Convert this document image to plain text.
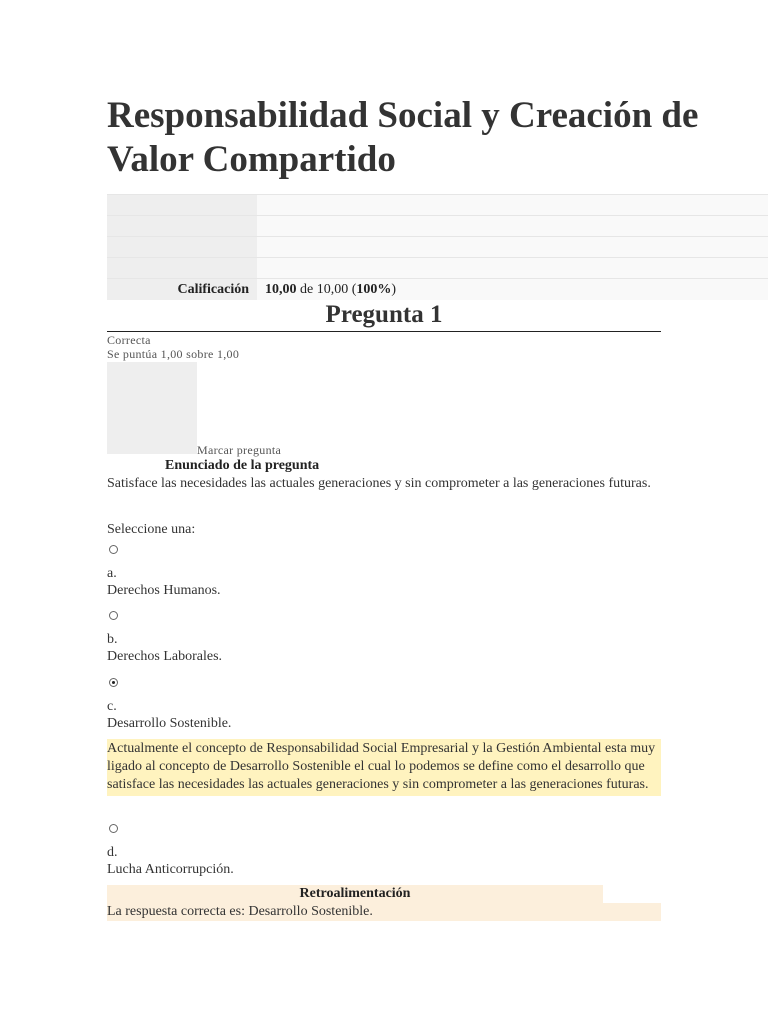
Responsabilidad Social y Creación de Valor Compartido
Calificación	10,00 de 10,00 (100%)
Pregunta 1
Correcta
Se puntúa 1,00 sobre 1,00
Marcar pregunta
Enunciado de la pregunta
Satisface las necesidades las actuales generaciones y sin comprometer a las generaciones futuras.
Seleccione una:
a.
Derechos Humanos.
b.
Derechos Laborales.
c.
Desarrollo Sostenible.
Actualmente el concepto de Responsabilidad Social Empresarial y la Gestión Ambiental esta muy ligado al concepto de Desarrollo Sostenible el cual lo podemos se define como el desarrollo que satisface las necesidades las actuales generaciones y sin comprometer a las generaciones futuras.
d.
Lucha Anticorrupción.
Retroalimentación
La respuesta correcta es: Desarrollo Sostenible.
